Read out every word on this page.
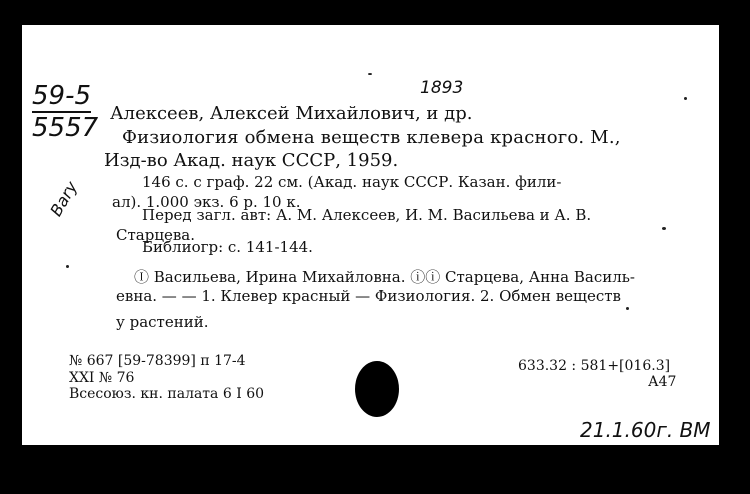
59-5
5557
1893
Bary
21.1.60г. ВМ
Алексеев, Алексей Михайлович, и др.
Физиология обмена веществ клевера красного. М.,
Изд-во Акад. наук СССР, 1959.
146 с. с граф. 22 см. (Акад. наук СССР. Казан. фили-
ал). 1.000 экз. 6 р. 10 к.
Перед загл. авт: А. М. Алексеев, И. М. Васильева и А. В.
Старцева.
Библиогр: с. 141-144.
Ⓘ Васильева, Ирина Михайловна. ⓘⓘ Старцева, Анна Василь-
евна. — — 1. Клевер красный — Физиология. 2. Обмен веществ
у растений.
№ 667 [59-78399] п 17-4
XXI № 76
Всесоюз. кн. палата 6 I 60
633.32 : 581+[016.3]
А47
